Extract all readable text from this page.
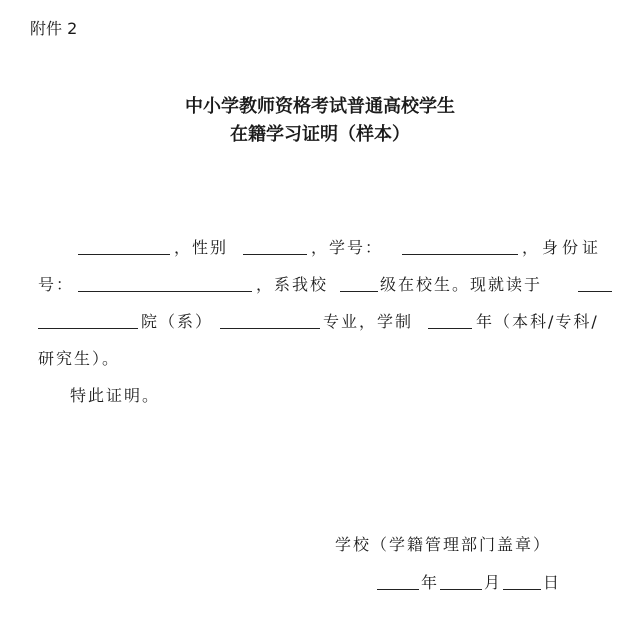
附件 2
中小学教师资格考试普通高校学生
在籍学习证明（样本）
，性别	，学号：	，身份证
号：	，系我校	级在校生。现就读于
院（系）	专业，学制	年（本科/专科/
研究生）。
特此证明。
学校（学籍管理部门盖章）
年	月	日
